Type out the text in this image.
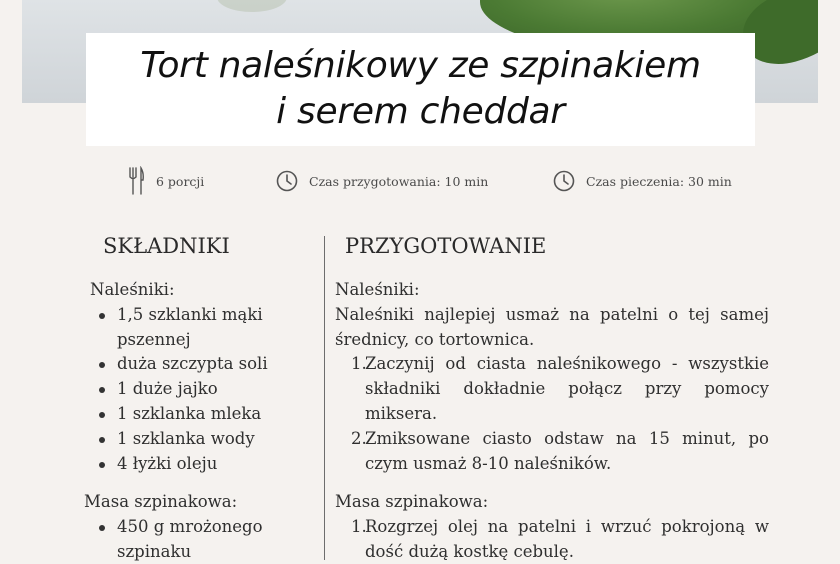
Tort naleśnikowy ze szpinakiem
i serem cheddar
6 porcji	Czas przygotowania: 10 min	Czas pieczenia: 30 min
SKŁADNIKI	PRZYGOTOWANIE

Naleśniki:

1,5 szklanki mąki pszennej
duża szczypta soli
1 duże jajko
1 szklanka mleka
1 szklanka wody
4 łyżki oleju

Masa szpinakowa:

450 g mrożonego szpinaku

Naleśniki:

Naleśniki najlepiej usmaż na patelni o tej samej średnicy, co tortownica.

1.
Zaczynij od ciasta naleśnikowego - wszystkie składniki dokładnie połącz przy pomocy miksera.
2.
Zmiksowane ciasto odstaw na 15 minut, po czym usmaż 8-10 naleśników.

Masa szpinakowa:

1.
Rozgrzej olej na patelni i wrzuć pokrojoną w dość dużą kostkę cebulę.
